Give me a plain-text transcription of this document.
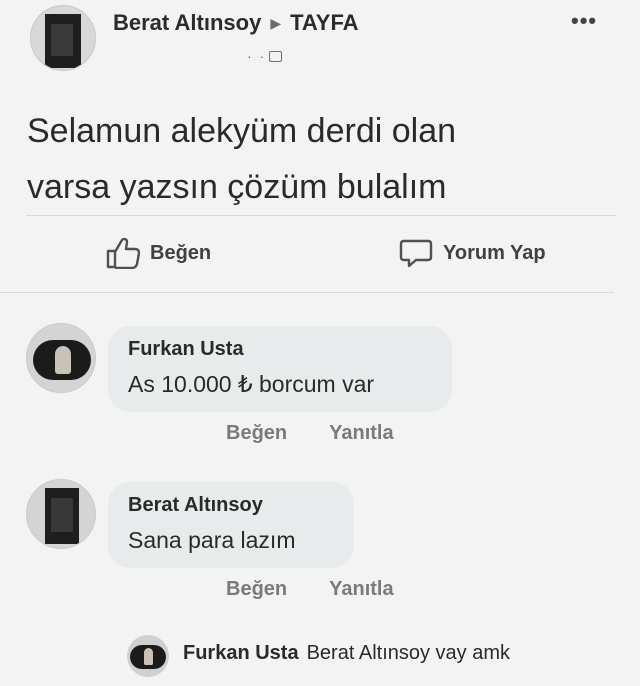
Berat Altınsoy ▶ TAYFA
· ·
•••
Selamun alekyüm derdi olan
varsa yazsın çözüm bulalım
Beğen	Yorum Yap
Furkan Usta
As 10.000 ₺ borcum var
Beğen Yanıtla
Berat Altınsoy
Sana para lazım
Beğen Yanıtla
Furkan Usta Berat Altınsoy vay amk
